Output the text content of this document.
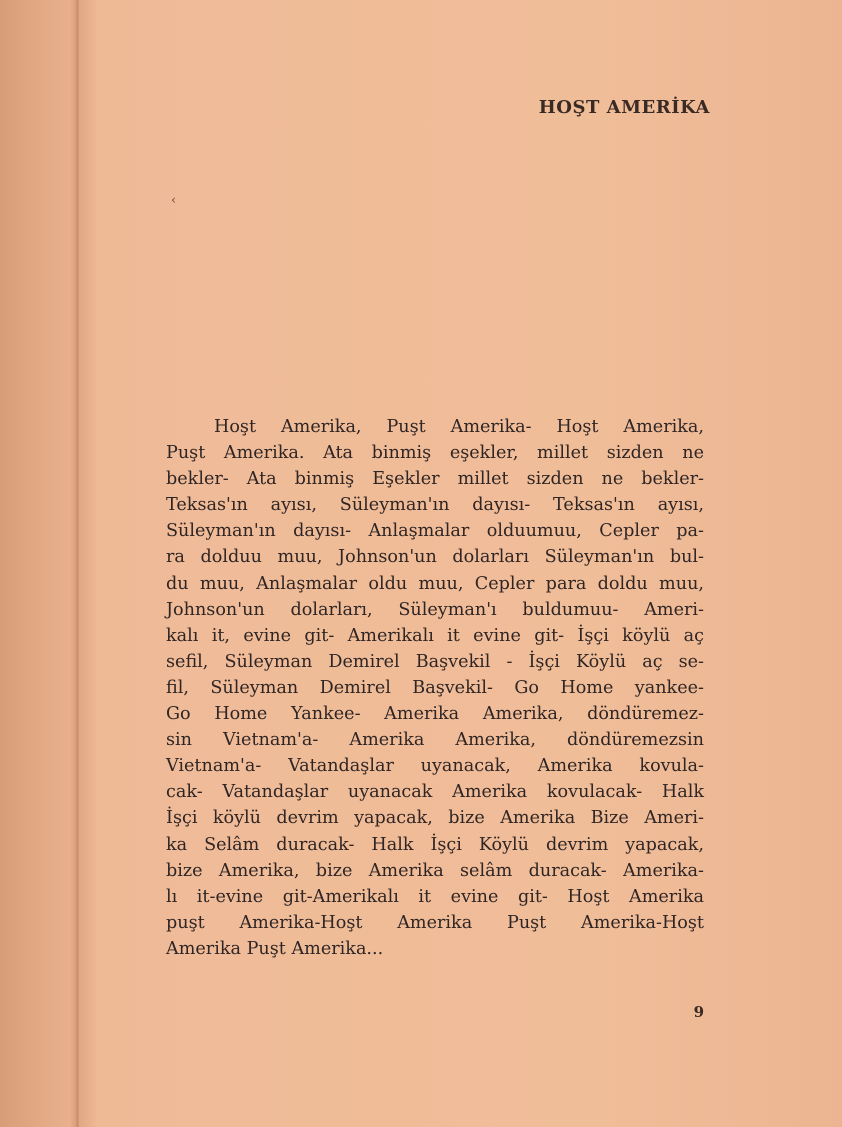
HOŞT AMERİKA
‹
Hoşt Amerika, Puşt Amerika- Hoşt Amerika,
Puşt Amerika. Ata binmiş eşekler, millet sizden ne
bekler- Ata binmiş Eşekler millet sizden ne bekler-
Teksas'ın ayısı, Süleyman'ın dayısı- Teksas'ın ayısı,
Süleyman'ın dayısı- Anlaşmalar olduumuu, Cepler pa-
ra dolduu muu, Johnson'un dolarları Süleyman'ın bul-
du muu, Anlaşmalar oldu muu, Cepler para doldu muu,
Johnson'un dolarları, Süleyman'ı buldumuu- Ameri-
kalı it, evine git- Amerikalı it evine git- İşçi köylü aç
sefil, Süleyman Demirel Başvekil - İşçi Köylü aç se-
fil, Süleyman Demirel Başvekil- Go Home yankee-
Go Home Yankee- Amerika Amerika, döndüremez-
sin Vietnam'a- Amerika Amerika, döndüremezsin
Vietnam'a- Vatandaşlar uyanacak, Amerika kovula-
cak- Vatandaşlar uyanacak Amerika kovulacak- Halk
İşçi köylü devrim yapacak, bize Amerika Bize Ameri-
ka Selâm duracak- Halk İşçi Köylü devrim yapacak,
bize Amerika, bize Amerika selâm duracak- Amerika-
lı it-evine git-Amerikalı it evine git- Hoşt Amerika
puşt Amerika-Hoşt Amerika Puşt Amerika-Hoşt
Amerika Puşt Amerika...
9
